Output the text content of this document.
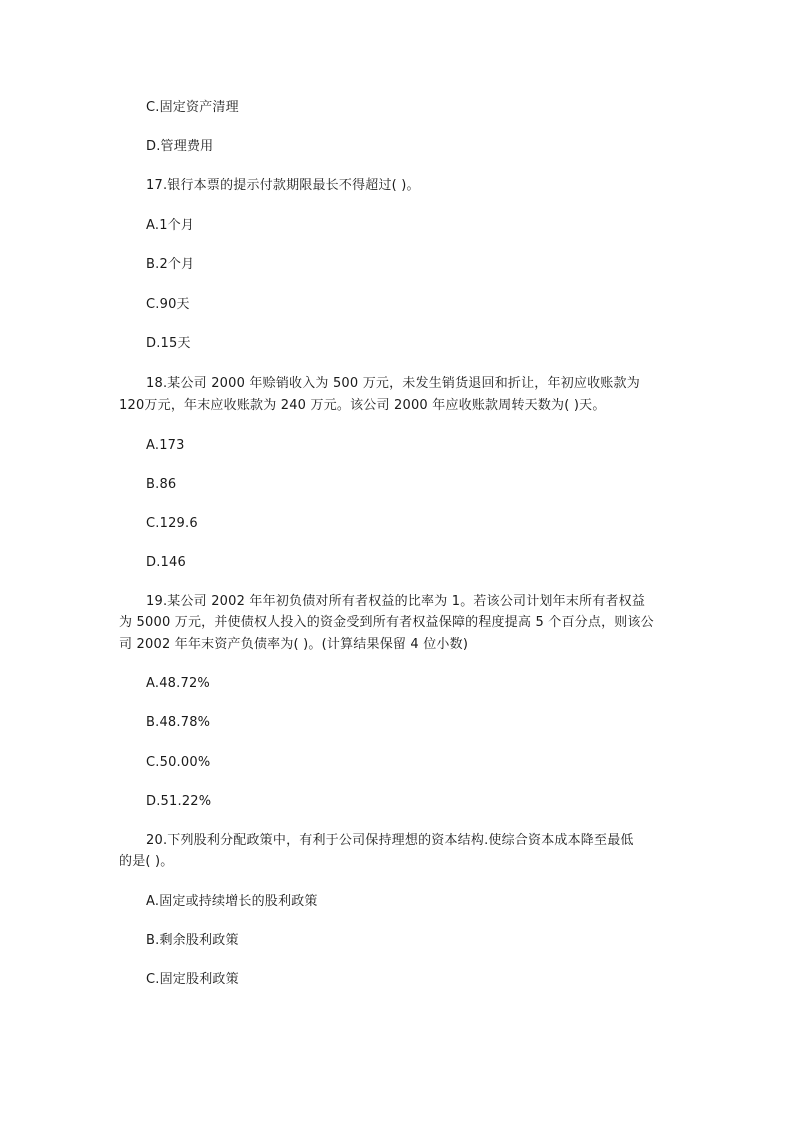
C.固定资产清理
D.管理费用
17.银行本票的提示付款期限最长不得超过( )。
A.1个月
B.2个月
C.90天
D.15天
18.某公司 2000 年赊销收入为 500 万元，未发生销货退回和折让，年初应收账款为
120万元，年末应收账款为 240 万元。该公司 2000 年应收账款周转天数为( )天。
A.173
B.86
C.129.6
D.146
19.某公司 2002 年年初负债对所有者权益的比率为 1。若该公司计划年末所有者权益
为 5000 万元，并使债权人投入的资金受到所有者权益保障的程度提高 5 个百分点，则该公
司 2002 年年末资产负债率为( )。(计算结果保留 4 位小数)
A.48.72%
B.48.78%
C.50.00%
D.51.22%
20.下列股利分配政策中，有利于公司保持理想的资本结构.使综合资本成本降至最低
的是( )。
A.固定或持续增长的股利政策
B.剩余股利政策
C.固定股利政策
